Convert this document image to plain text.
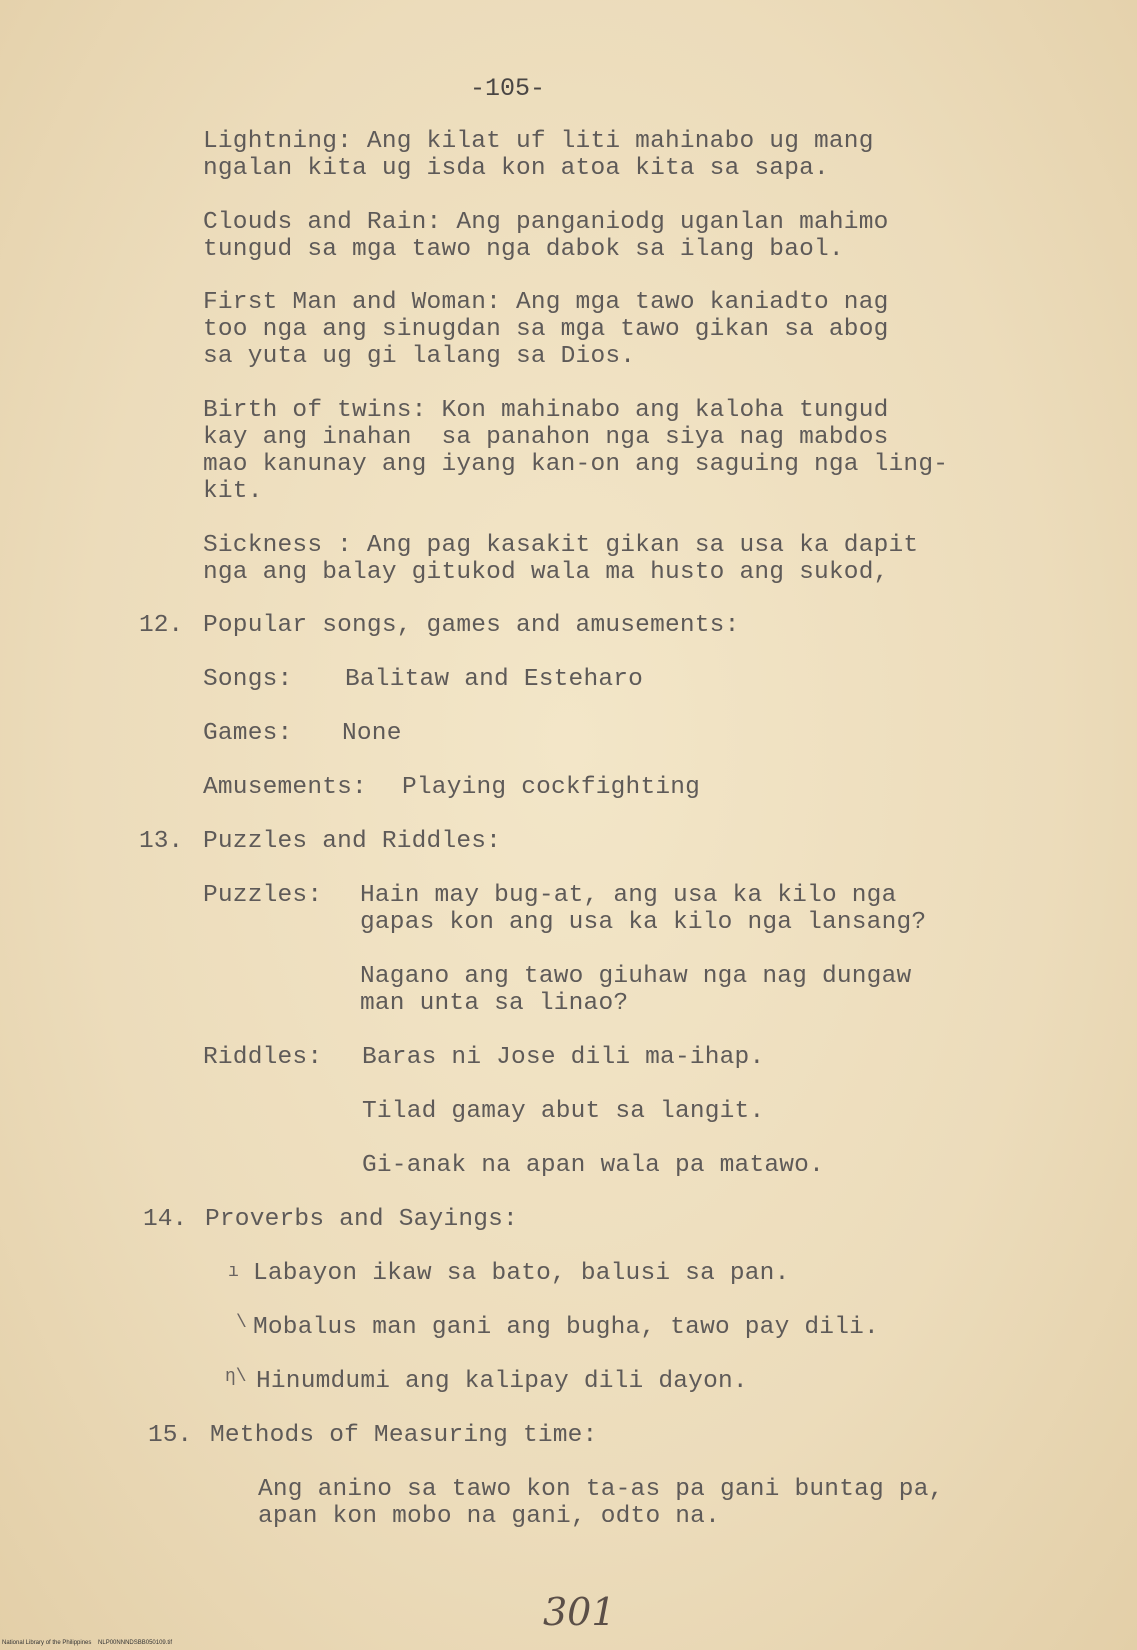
-105-
Lightning: Ang kilat uf liti mahinabo ug mang
ngalan kita ug isda kon atoa kita sa sapa.
Clouds and Rain: Ang panganiodg uganlan mahimo
tungud sa mga tawo nga dabok sa ilang baol.
First Man and Woman: Ang mga tawo kaniadto nag
too nga ang sinugdan sa mga tawo gikan sa abog
sa yuta ug gi lalang sa Dios.
Birth of twins: Kon mahinabo ang kaloha tungud
kay ang inahan  sa panahon nga siya nag mabdos
mao kanunay ang iyang kan-on ang saguing nga ling-
kit.
Sickness : Ang pag kasakit gikan sa usa ka dapit
nga ang balay gitukod wala ma husto ang sukod,
12. Popular songs, games and amusements:
Songs: Balitaw and Esteharo
Games: None
Amusements: Playing cockfighting
13. Puzzles and Riddles:
Puzzles: Hain may bug-at, ang usa ka kilo nga
gapas kon ang usa ka kilo nga lansang?
Nagano ang tawo giuhaw nga nag dungaw
man unta sa linao?
Riddles: Baras ni Jose dili ma-ihap.
Tilad gamay abut sa langit.
Gi-anak na apan wala pa matawo.
14. Proverbs and Sayings:
ı Labayon ikaw sa bato, balusi sa pan.
\ Mobalus man gani ang bugha, tawo pay dili.
η\ Hinumdumi ang kalipay dili dayon.
15. Methods of Measuring time:
Ang anino sa tawo kon ta-as pa gani buntag pa,
apan kon mobo na gani, odto na.
301
National Library of the Philippines    NLP00NNNDSBB050109.tif
